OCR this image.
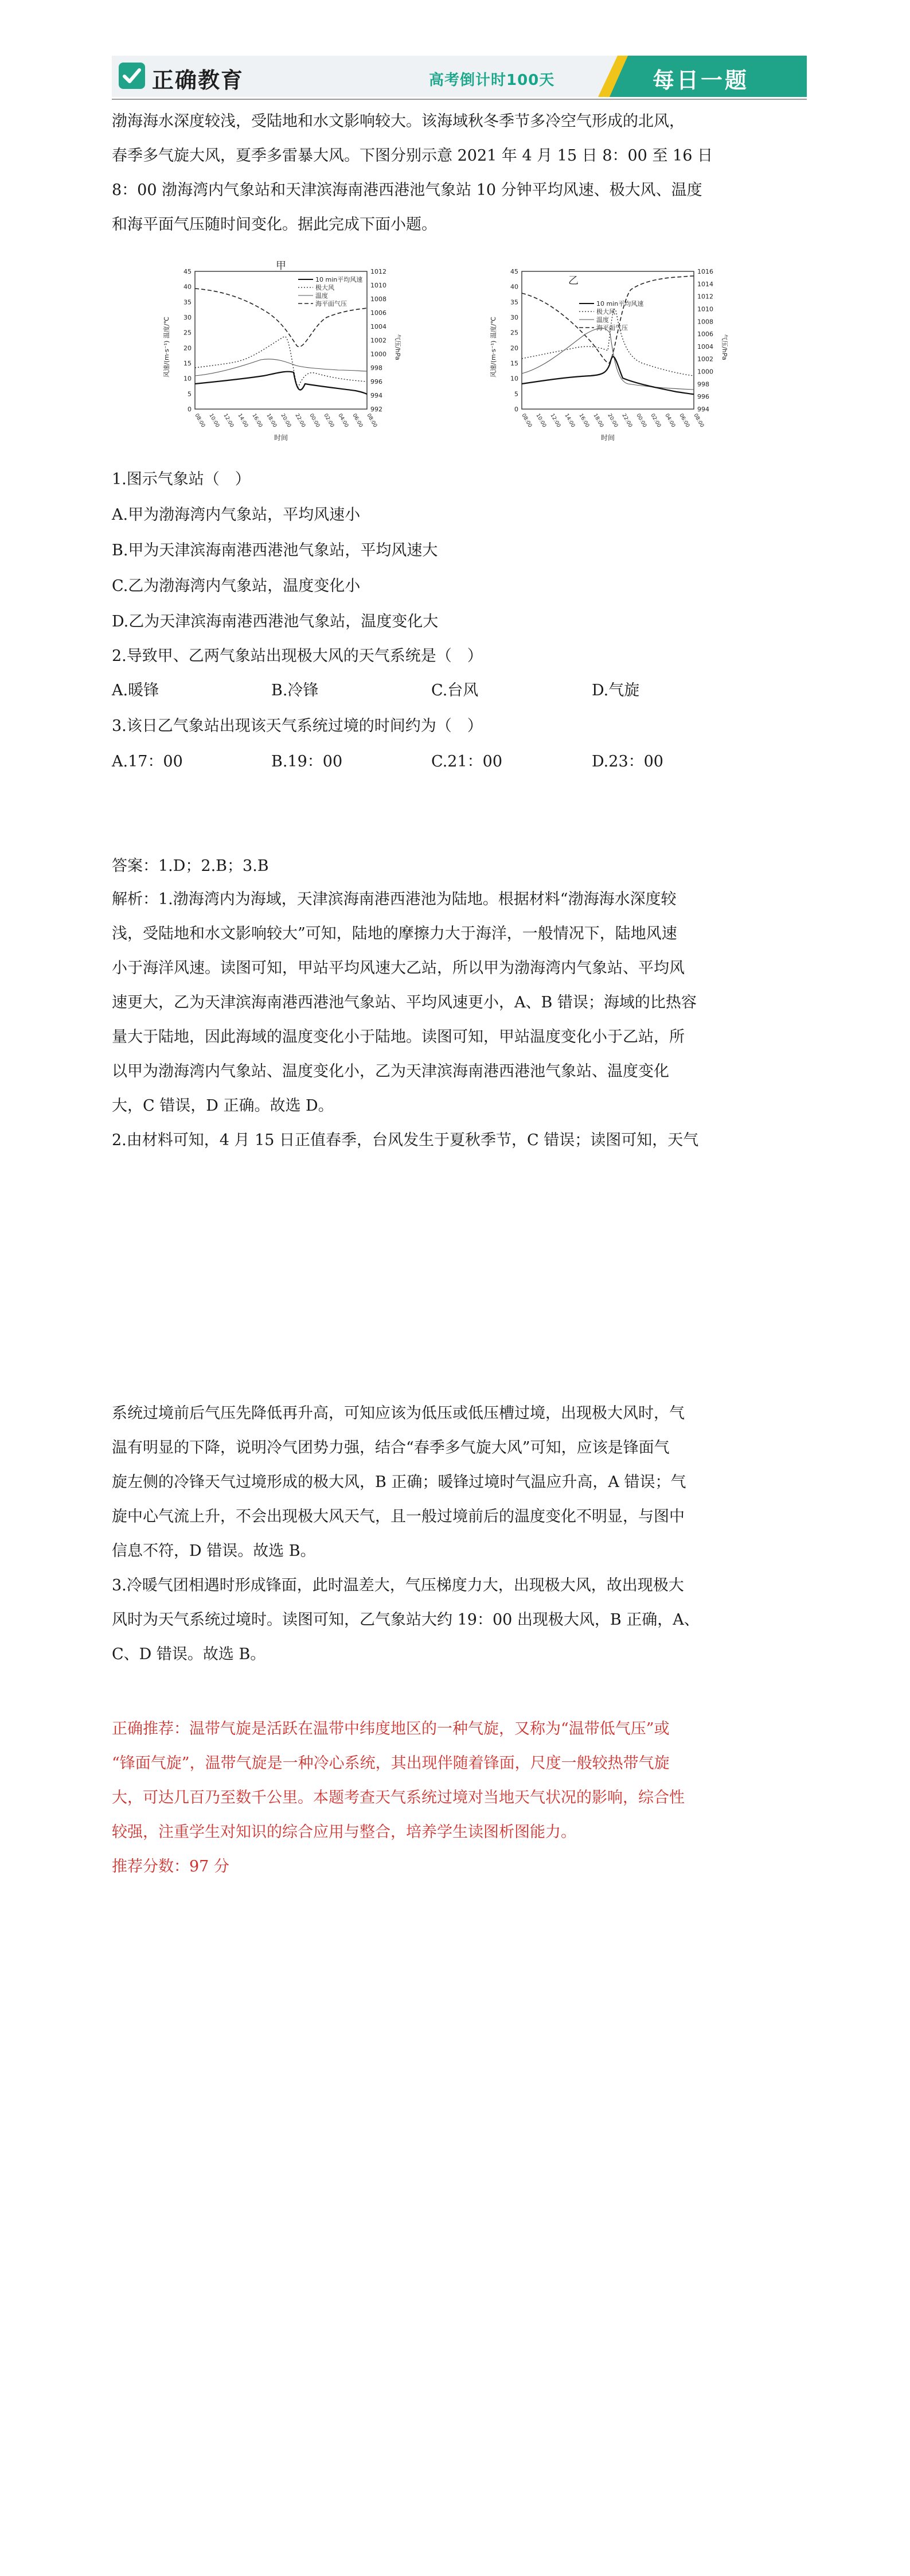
正确教育	高考倒计时100天	每日一题
渤海海水深度较浅，受陆地和水文影响较大。该海域秋冬季节多冷空气形成的北风，
春季多气旋大风，夏季多雷暴大风。下图分别示意 2021 年 4 月 15 日 8：00 至 16 日
8：00 渤海湾内气象站和天津滨海南港西港池气象站 10 分钟平均风速、极大风、温度
和海平面气压随时间变化。据此完成下面小题。
甲
45
40
35
30
25
20
15
10
5
0
1012
1010
1008
1006
1004
1002
1000
998
996
994
992
08:00 10:00 12:00 14:00 16:00 18:00 20:00 22:00 00:00 02:00 04:00 06:00 08:00
风速/(m·s⁻¹) 温度/℃	气压/hPa
时间
10 min平均风速
极大风
温度
海平面气压
乙
45
40
35
30
25
20
15
10
5
0
1016
1014
1012
1010
1008
1006
1004
1002
1000
998
996
994
08:00 10:00 12:00 14:00 16:00 18:00 20:00 22:00 00:00 02:00 04:00 06:00 08:00
风速/(m·s⁻¹) 温度/℃	气压/hPa
时间
10 min平均风速
极大风
温度
海平面气压
1.图示气象站（　）
A.甲为渤海湾内气象站，平均风速小
B.甲为天津滨海南港西港池气象站，平均风速大
C.乙为渤海湾内气象站，温度变化小
D.乙为天津滨海南港西港池气象站，温度变化大
2.导致甲、乙两气象站出现极大风的天气系统是（　）
A.暖锋	B.冷锋	C.台风	D.气旋
3.该日乙气象站出现该天气系统过境的时间约为（　）
A.17：00	B.19：00	C.21：00	D.23：00
答案：1.D；2.B；3.B
解析：1.渤海湾内为海域，天津滨海南港西港池为陆地。根据材料“渤海海水深度较
浅，受陆地和水文影响较大”可知，陆地的摩擦力大于海洋，一般情况下，陆地风速
小于海洋风速。读图可知，甲站平均风速大乙站，所以甲为渤海湾内气象站、平均风
速更大，乙为天津滨海南港西港池气象站、平均风速更小，A、B 错误；海域的比热容
量大于陆地，因此海域的温度变化小于陆地。读图可知，甲站温度变化小于乙站，所
以甲为渤海湾内气象站、温度变化小，乙为天津滨海南港西港池气象站、温度变化
大，C 错误，D 正确。故选 D。
2.由材料可知，4 月 15 日正值春季，台风发生于夏秋季节，C 错误；读图可知，天气
系统过境前后气压先降低再升高，可知应该为低压或低压槽过境，出现极大风时，气
温有明显的下降，说明冷气团势力强，结合“春季多气旋大风”可知，应该是锋面气
旋左侧的冷锋天气过境形成的极大风，B 正确；暖锋过境时气温应升高，A 错误；气
旋中心气流上升，不会出现极大风天气，且一般过境前后的温度变化不明显，与图中
信息不符，D 错误。故选 B。
3.冷暖气团相遇时形成锋面，此时温差大，气压梯度力大，出现极大风，故出现极大
风时为天气系统过境时。读图可知，乙气象站大约 19：00 出现极大风，B 正确，A、
C、D 错误。故选 B。
正确推荐：温带气旋是活跃在温带中纬度地区的一种气旋，又称为“温带低气压”或
“锋面气旋”，温带气旋是一种冷心系统，其出现伴随着锋面，尺度一般较热带气旋
大，可达几百乃至数千公里。本题考查天气系统过境对当地天气状况的影响，综合性
较强，注重学生对知识的综合应用与整合，培养学生读图析图能力。
推荐分数：97 分
